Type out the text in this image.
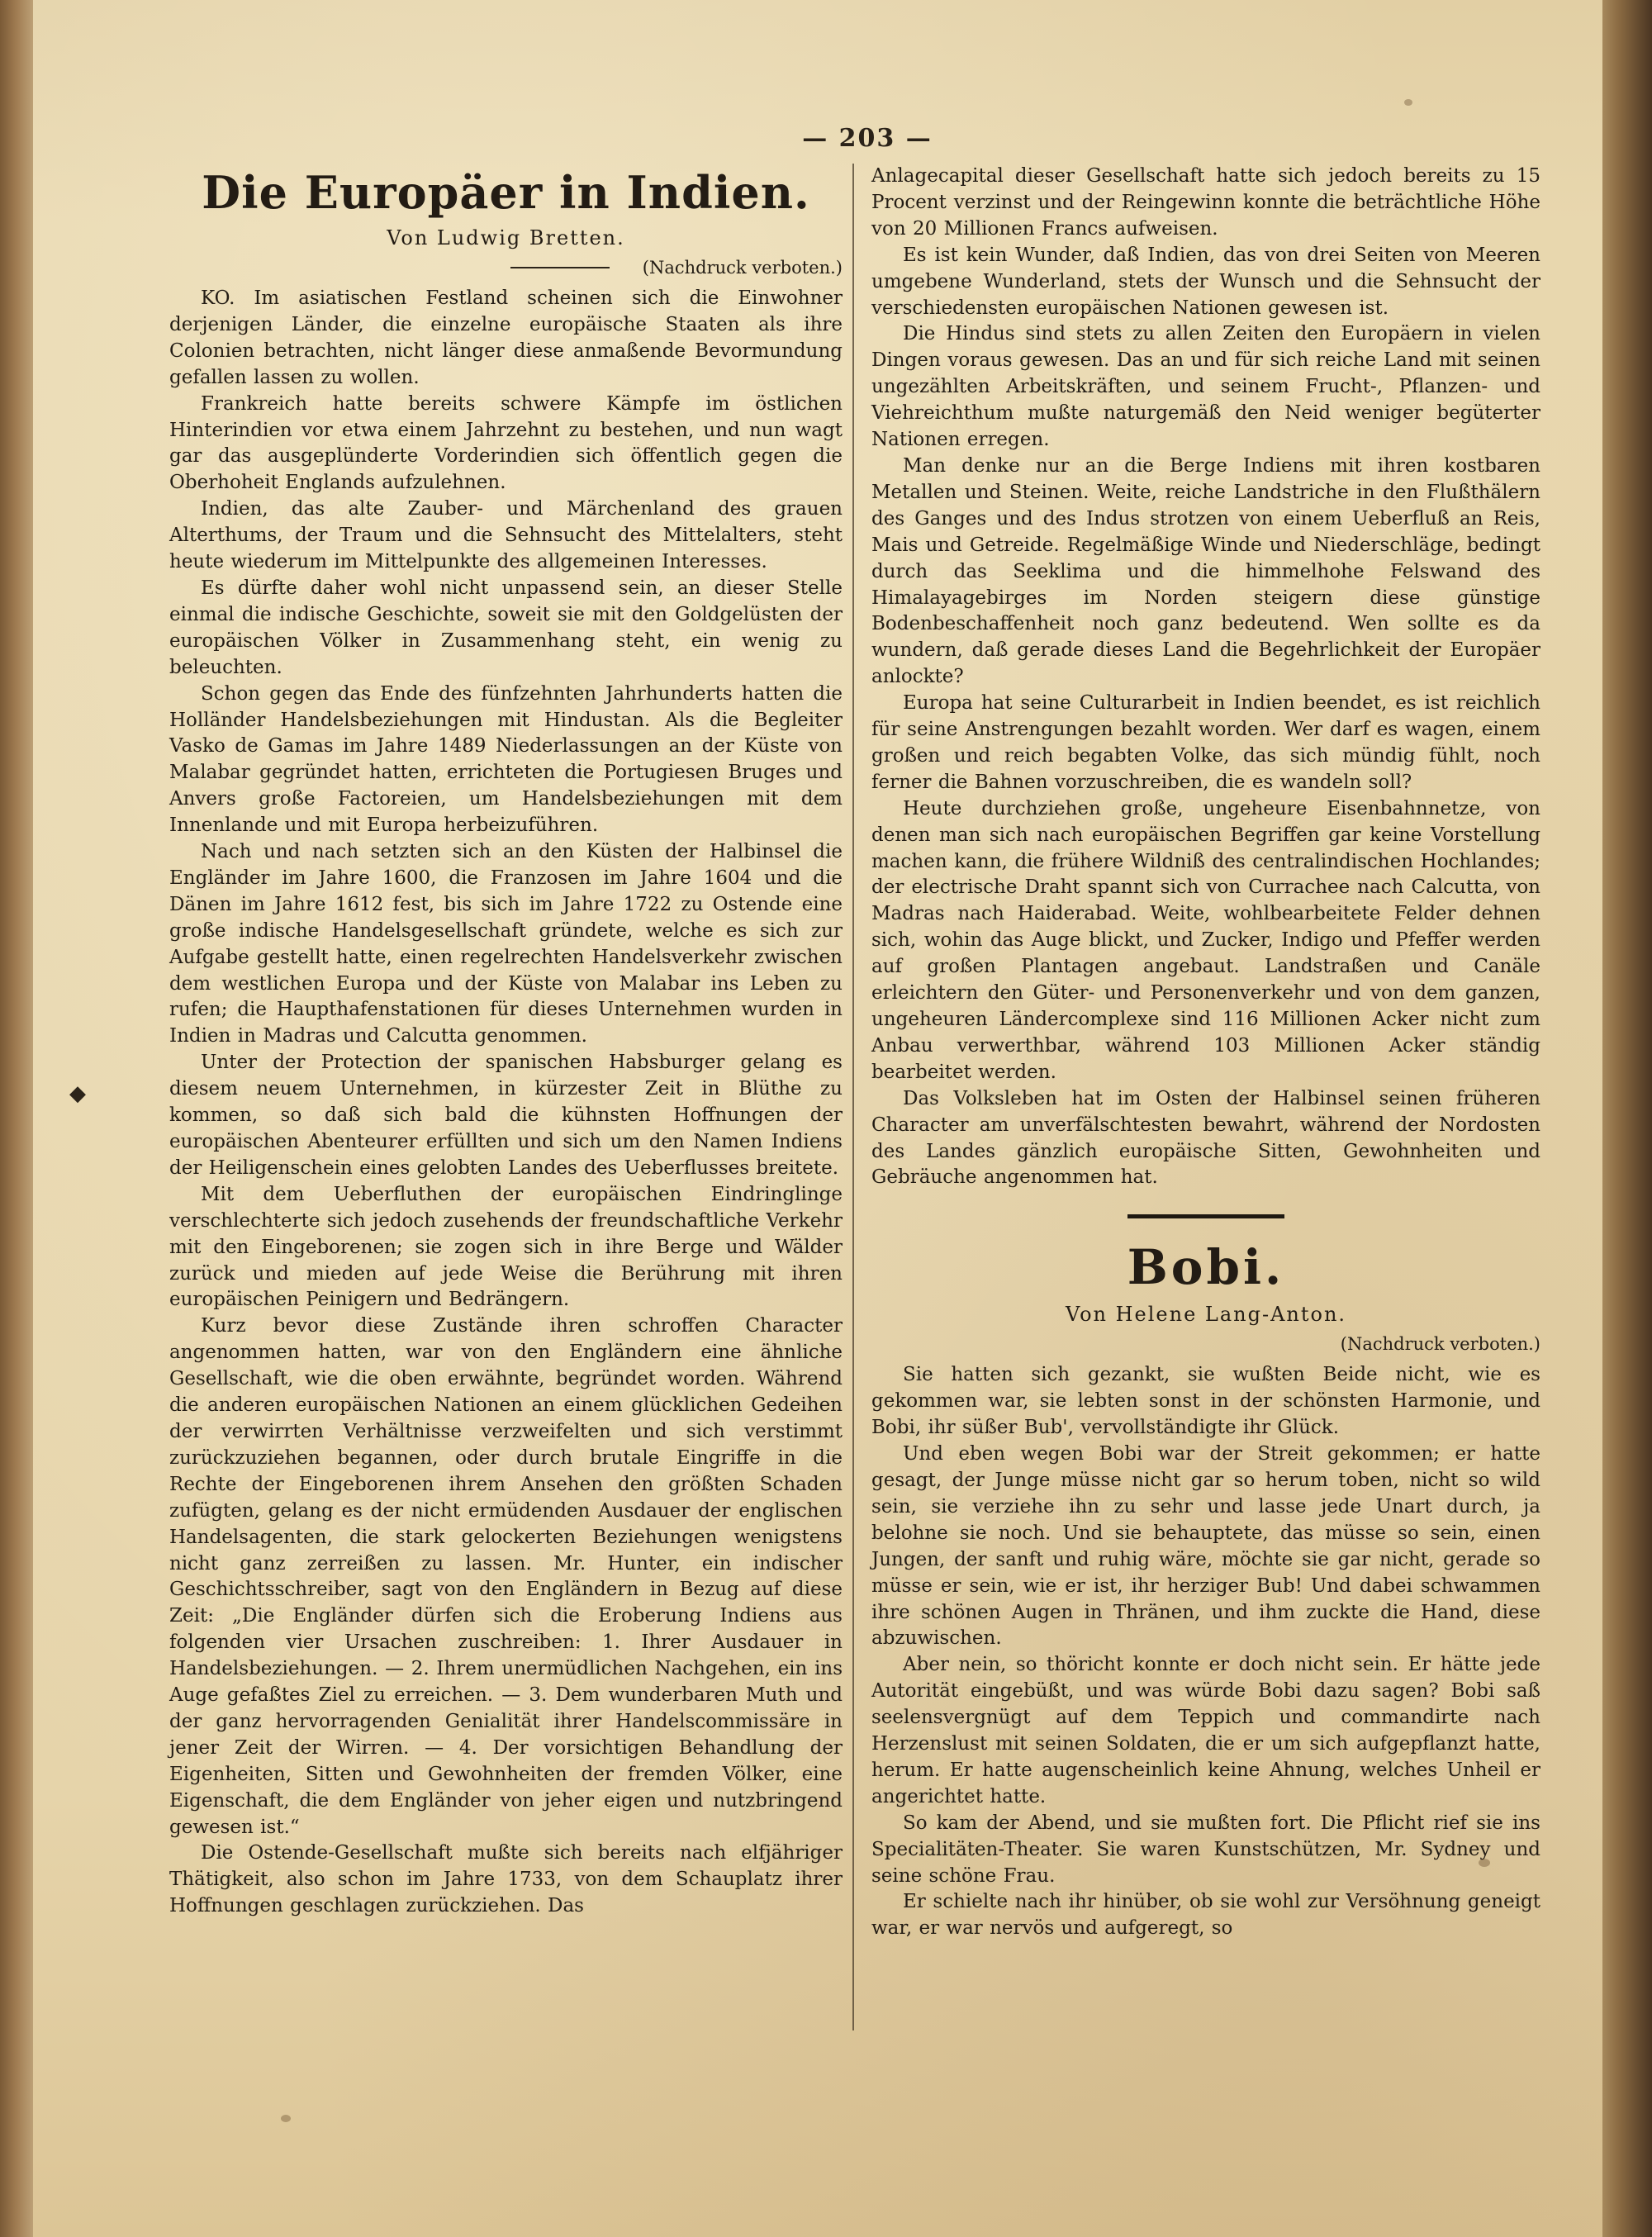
— 203 —
Die Europäer in Indien.
Von Ludwig Bretten.
(Nachdruck verboten.)

KO. Im asiatischen Festland scheinen sich die Einwohner derjenigen Länder, die einzelne europäische Staaten als ihre Colonien betrachten, nicht länger diese anmaßende Bevormundung gefallen lassen zu wollen.

Frankreich hatte bereits schwere Kämpfe im östlichen Hinterindien vor etwa einem Jahrzehnt zu bestehen, und nun wagt gar das ausgeplünderte Vorderindien sich öffentlich gegen die Oberhoheit Englands aufzulehnen.

Indien, das alte Zauber- und Märchenland des grauen Alterthums, der Traum und die Sehnsucht des Mittelalters, steht heute wiederum im Mittelpunkte des allgemeinen Interesses.

Es dürfte daher wohl nicht unpassend sein, an dieser Stelle einmal die indische Geschichte, soweit sie mit den Goldgelüsten der europäischen Völker in Zusammenhang steht, ein wenig zu beleuchten.

Schon gegen das Ende des fünfzehnten Jahrhunderts hatten die Holländer Handelsbeziehungen mit Hindustan. Als die Begleiter Vasko de Gamas im Jahre 1489 Niederlassungen an der Küste von Malabar gegründet hatten, errichteten die Portugiesen Bruges und Anvers große Factoreien, um Handelsbeziehungen mit dem Innenlande und mit Europa herbeizuführen.

Nach und nach setzten sich an den Küsten der Halbinsel die Engländer im Jahre 1600, die Franzosen im Jahre 1604 und die Dänen im Jahre 1612 fest, bis sich im Jahre 1722 zu Ostende eine große indische Handelsgesellschaft gründete, welche es sich zur Aufgabe gestellt hatte, einen regelrechten Handelsverkehr zwischen dem westlichen Europa und der Küste von Malabar ins Leben zu rufen; die Haupthafenstationen für dieses Unternehmen wurden in Indien in Madras und Calcutta genommen.

Unter der Protection der spanischen Habsburger gelang es diesem neuem Unternehmen, in kürzester Zeit in Blüthe zu kommen, so daß sich bald die kühnsten Hoffnungen der europäischen Abenteurer erfüllten und sich um den Namen Indiens der Heiligenschein eines gelobten Landes des Ueberflusses breitete.

Mit dem Ueberfluthen der europäischen Eindringlinge verschlechterte sich jedoch zusehends der freundschaftliche Verkehr mit den Eingeborenen; sie zogen sich in ihre Berge und Wälder zurück und mieden auf jede Weise die Berührung mit ihren europäischen Peinigern und Bedrängern.

Kurz bevor diese Zustände ihren schroffen Character angenommen hatten, war von den Engländern eine ähnliche Gesellschaft, wie die oben erwähnte, begründet worden. Während die anderen europäischen Nationen an einem glücklichen Gedeihen der verwirrten Verhältnisse verzweifelten und sich verstimmt zurückzuziehen begannen, oder durch brutale Eingriffe in die Rechte der Eingeborenen ihrem Ansehen den größten Schaden zufügten, gelang es der nicht ermüdenden Ausdauer der englischen Handelsagenten, die stark gelockerten Beziehungen wenigstens nicht ganz zerreißen zu lassen. Mr. Hunter, ein indischer Geschichtsschreiber, sagt von den Engländern in Bezug auf diese Zeit: „Die Engländer dürfen sich die Eroberung Indiens aus folgenden vier Ursachen zuschreiben: 1. Ihrer Ausdauer in Handelsbeziehungen. — 2. Ihrem unermüdlichen Nachgehen, ein ins Auge gefaßtes Ziel zu erreichen. — 3. Dem wunderbaren Muth und der ganz hervorragenden Genialität ihrer Handelscommissäre in jener Zeit der Wirren. — 4. Der vorsichtigen Behandlung der Eigenheiten, Sitten und Gewohnheiten der fremden Völker, eine Eigenschaft, die dem Engländer von jeher eigen und nutzbringend gewesen ist.“

Die Ostende-Gesellschaft mußte sich bereits nach elfjähriger Thätigkeit, also schon im Jahre 1733, von dem Schauplatz ihrer Hoffnungen geschlagen zurückziehen. Das

Anlagecapital dieser Gesellschaft hatte sich jedoch bereits zu 15 Procent verzinst und der Reingewinn konnte die beträchtliche Höhe von 20 Millionen Francs aufweisen.

Es ist kein Wunder, daß Indien, das von drei Seiten von Meeren umgebene Wunderland, stets der Wunsch und die Sehnsucht der verschiedensten europäischen Nationen gewesen ist.

Die Hindus sind stets zu allen Zeiten den Europäern in vielen Dingen voraus gewesen. Das an und für sich reiche Land mit seinen ungezählten Arbeitskräften, und seinem Frucht-, Pflanzen- und Viehreichthum mußte naturgemäß den Neid weniger begüterter Nationen erregen.

Man denke nur an die Berge Indiens mit ihren kostbaren Metallen und Steinen. Weite, reiche Landstriche in den Flußthälern des Ganges und des Indus strotzen von einem Ueberfluß an Reis, Mais und Getreide. Regelmäßige Winde und Niederschläge, bedingt durch das Seeklima und die himmelhohe Felswand des Himalayagebirges im Norden steigern diese günstige Bodenbeschaffenheit noch ganz bedeutend. Wen sollte es da wundern, daß gerade dieses Land die Begehrlichkeit der Europäer anlockte?

Europa hat seine Culturarbeit in Indien beendet, es ist reichlich für seine Anstrengungen bezahlt worden. Wer darf es wagen, einem großen und reich begabten Volke, das sich mündig fühlt, noch ferner die Bahnen vorzuschreiben, die es wandeln soll?

Heute durchziehen große, ungeheure Eisenbahnnetze, von denen man sich nach europäischen Begriffen gar keine Vorstellung machen kann, die frühere Wildniß des centralindischen Hochlandes; der electrische Draht spannt sich von Currachee nach Calcutta, von Madras nach Haiderabad. Weite, wohlbearbeitete Felder dehnen sich, wohin das Auge blickt, und Zucker, Indigo und Pfeffer werden auf großen Plantagen angebaut. Landstraßen und Canäle erleichtern den Güter- und Personenverkehr und von dem ganzen, ungeheuren Ländercomplexe sind 116 Millionen Acker nicht zum Anbau verwerthbar, während 103 Millionen Acker ständig bearbeitet werden.

Das Volksleben hat im Osten der Halbinsel seinen früheren Character am unverfälschtesten bewahrt, während der Nordosten des Landes gänzlich europäische Sitten, Gewohnheiten und Gebräuche angenommen hat.

Bobi.
Von Helene Lang-Anton.
(Nachdruck verboten.)

Sie hatten sich gezankt, sie wußten Beide nicht, wie es gekommen war, sie lebten sonst in der schönsten Harmonie, und Bobi, ihr süßer Bub', vervollständigte ihr Glück.

Und eben wegen Bobi war der Streit gekommen; er hatte gesagt, der Junge müsse nicht gar so herum toben, nicht so wild sein, sie verziehe ihn zu sehr und lasse jede Unart durch, ja belohne sie noch. Und sie behauptete, das müsse so sein, einen Jungen, der sanft und ruhig wäre, möchte sie gar nicht, gerade so müsse er sein, wie er ist, ihr herziger Bub! Und dabei schwammen ihre schönen Augen in Thränen, und ihm zuckte die Hand, diese abzuwischen.

Aber nein, so thöricht konnte er doch nicht sein. Er hätte jede Autorität eingebüßt, und was würde Bobi dazu sagen? Bobi saß seelensvergnügt auf dem Teppich und commandirte nach Herzenslust mit seinen Soldaten, die er um sich aufgepflanzt hatte, herum. Er hatte augenscheinlich keine Ahnung, welches Unheil er angerichtet hatte.

So kam der Abend, und sie mußten fort. Die Pflicht rief sie ins Specialitäten-Theater. Sie waren Kunstschützen, Mr. Sydney und seine schöne Frau.

Er schielte nach ihr hinüber, ob sie wohl zur Versöhnung geneigt war, er war nervös und aufgeregt, so

◆
